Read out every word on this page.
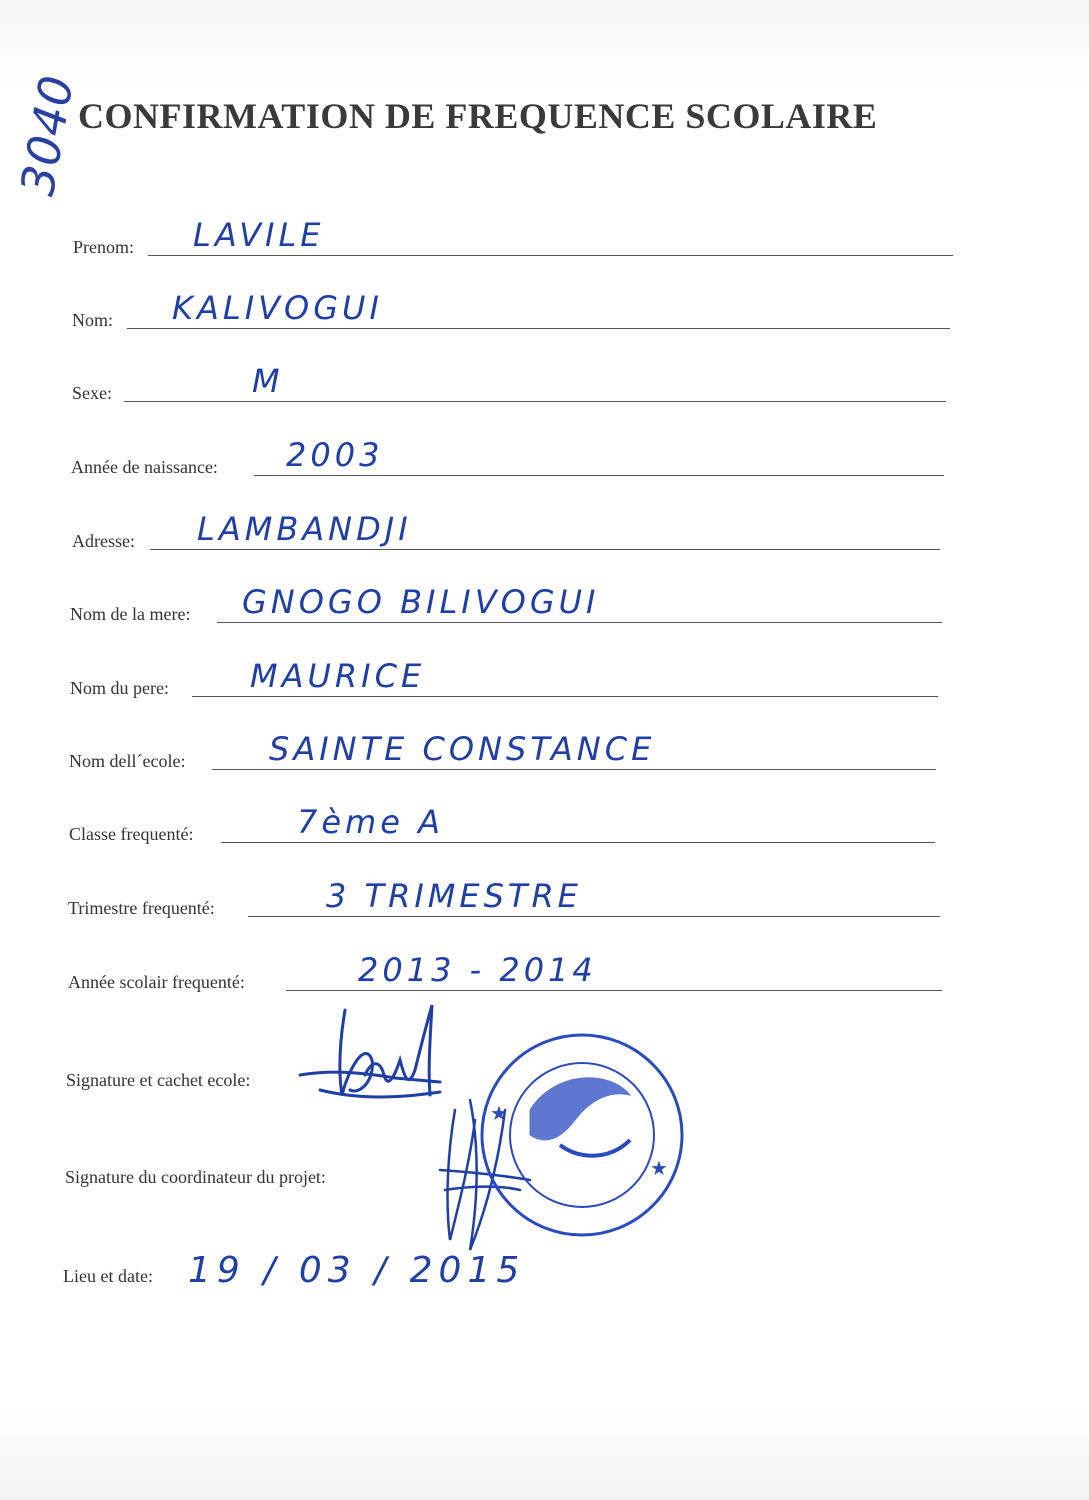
3040
CONFIRMATION DE FREQUENCE SCOLAIRE
Prenom: LAVILE
Nom: KALIVOGUI
Sexe:	M
Année de naissance: 2003
Adresse: LAMBANDJI
Nom de la mere: GNOGO BILIVOGUI
Nom du pere:	MAURICE
Nom dell´ecole:	SAINTE CONSTANCE
Classe frequenté:	7ème A
Trimestre frequenté:	3 TRIMESTRE
Année scolair frequenté:	2013 - 2014
Signature et cachet ecole:
Signature du coordinateur du projet:
Lieu et date: 19 / 03 / 2015
★
★
